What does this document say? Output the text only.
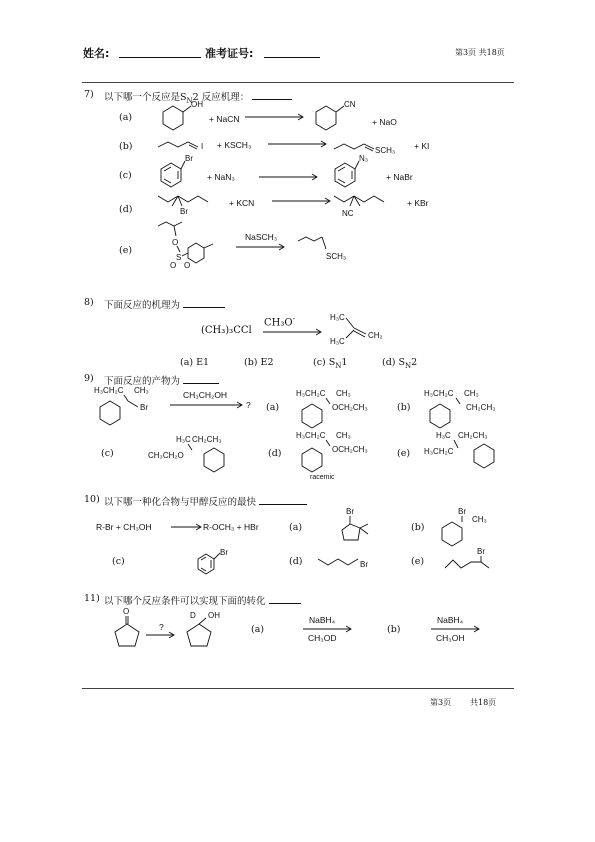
姓名:	准考证号:	第3页 共18页
7) 以下哪一个反应是$S_N2$ 反应机理：
(a)
OH
+ NaCN
CN
+ NaO
(b)	I + KSCH₃
SCH₃ + KI
(c)
Br
+ NaN₃
N₃
+ NaBr
(d)	Br
+ KCN
NC
+ KBr
(e)
O
S
O O
NaSCH₃
SCH₃
8) 下面反应的机理为
(CH₃)₃CCl
CH₃O-	H₃C
H₃C
CH₂
(a) E1	(b) E2	(c) $S_N1$	(d) $S_N2$
9) 下面反应的产物为
H₃CH₂C CH₃
Br
CH₃CH₂OH
? (a)
H₃CH₂C CH₃
OCH₂CH₃	(b)
H₃CH₂C CH₃
CH₂CH₃
(c)
H₃C CH₂CH₃
CH₃CH₂O	(d)
H₃CH₂C CH₃
OCH₂CH₃
racemic
(e)
H₃C CH₂CH₃
H₃CH₂C
10) 以下哪一种化合物与甲醇反应的最快
R-Br + CH₃OH	R-OCH₃ + HBr	(a)
Br
(b)
Br
CH₃
(c)
Br
(d)	Br	(e)
Br
11) 以下哪个反应条件可以实现下面的转化
O
?
D OH
(a)
NaBH₄
CH₃OD
(b)
NaBH₄
CH₃OH
第3页 共18页
